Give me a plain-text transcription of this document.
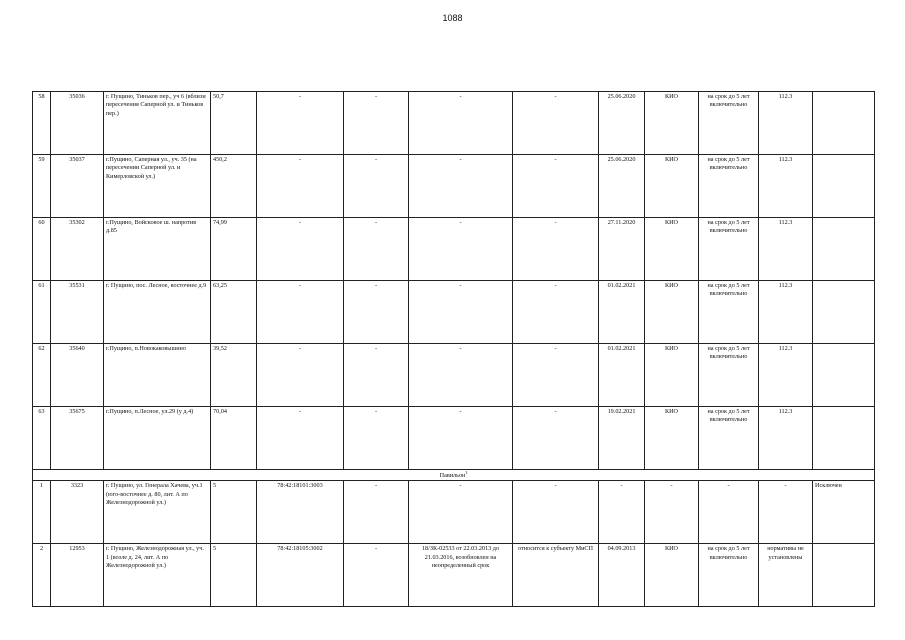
1088
58	35036	г. Пущино, Тиньков пер., уч 6 (вблизи пересечения Саперной ул. и Тиньков пер.)	50,7	-	-	-	-	25.06.2020	КИО	на срок до 5 лет включительно	112.3	
59	35037	г.Пущино, Саперная ул., уч. 35 (на пересечении Саперной ул. и Кимерловской ул.)	450,2	-	-	-	-	25.06.2020	КИО	на срок до 5 лет включительно	112.3	
60	35302	г.Пущино, Войсковое ш. напротив д.85	74,99	-	-	-	-	27.11.2020	КИО	на срок до 5 лет включительно	112.3	
61	35531	г. Пущино, пос. Лесное, восточнее д.9	63,25	-	-	-	-	01.02.2021	КИО	на срок до 5 лет включительно	112.3	
62	35640	г.Пущино, п.Новокаковышино	39,52	-	-	-	-	01.02.2021	КИО	на срок до 5 лет включительно	112.3	
63	35675	г.Пущино, п.Лесное, ул.29 (у д.4)	70,04	-	-	-	-	19.02.2021	КИО	на срок до 5 лет включительно	112.3	
Павильон$^3$
1	3323	г. Пущино, ул. Генерала Хачева, уч.1 (юго-восточнее д. 80, лит. А по Железнодорожной ул.)	5	78:42:18101:3003	-	-	-	-	-	-	-	Исключен
2	12953	г. Пущино, Железнодорожная ул., уч. 1 (возле д. 24, лит. А по Железнодорожной ул.)	5	78:42:18105:3002	-	18/ЗК-02533 от 22.03.2013 до 21.03.2016, возобновлен на неопределенный срок	относится к субъекту МиСП	04.09.2013	КИО	на срок до 5 лет включительно	нормативы не установлены	
